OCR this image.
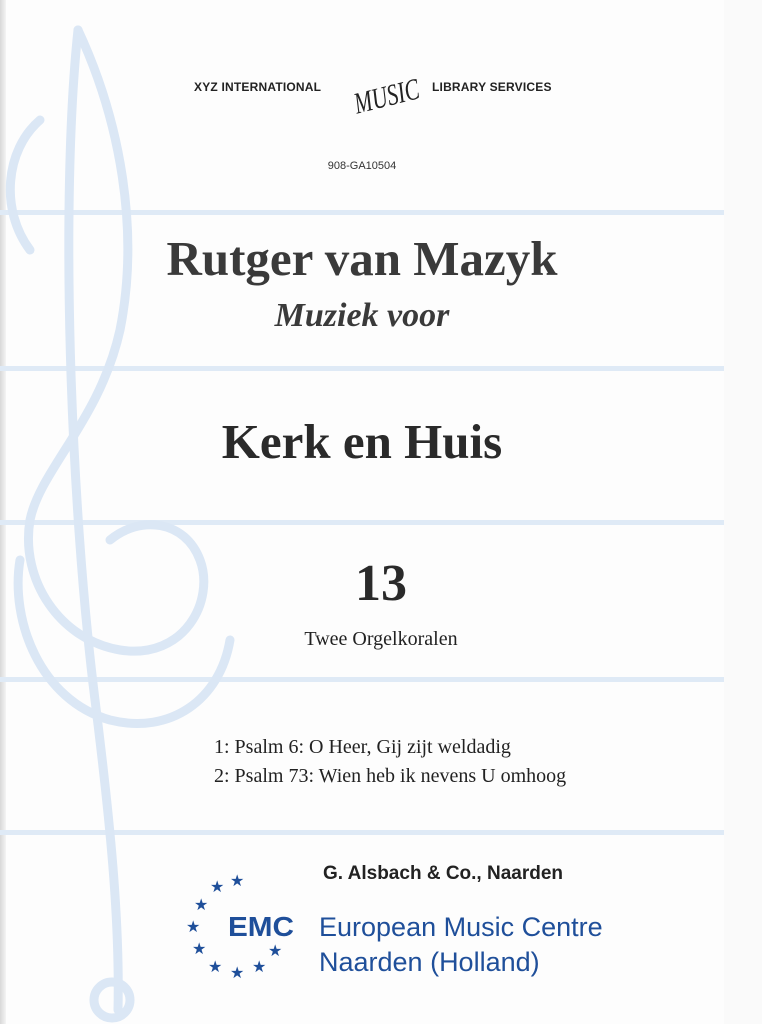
XYZ INTERNATIONAL MUSIC
LIBRARY SERVICES
908-GA10504
Rutger van Mazyk
Muziek voor
Kerk en Huis
13
Twee Orgelkoralen
1: Psalm 6: O Heer, Gij zijt weldadig
2: Psalm 73: Wien heb ik nevens U omhoog
G. Alsbach & Co., Naarden
★ ★
★
★
★
★ ★ ★
★
EMC European Music Centre
Naarden (Holland)
